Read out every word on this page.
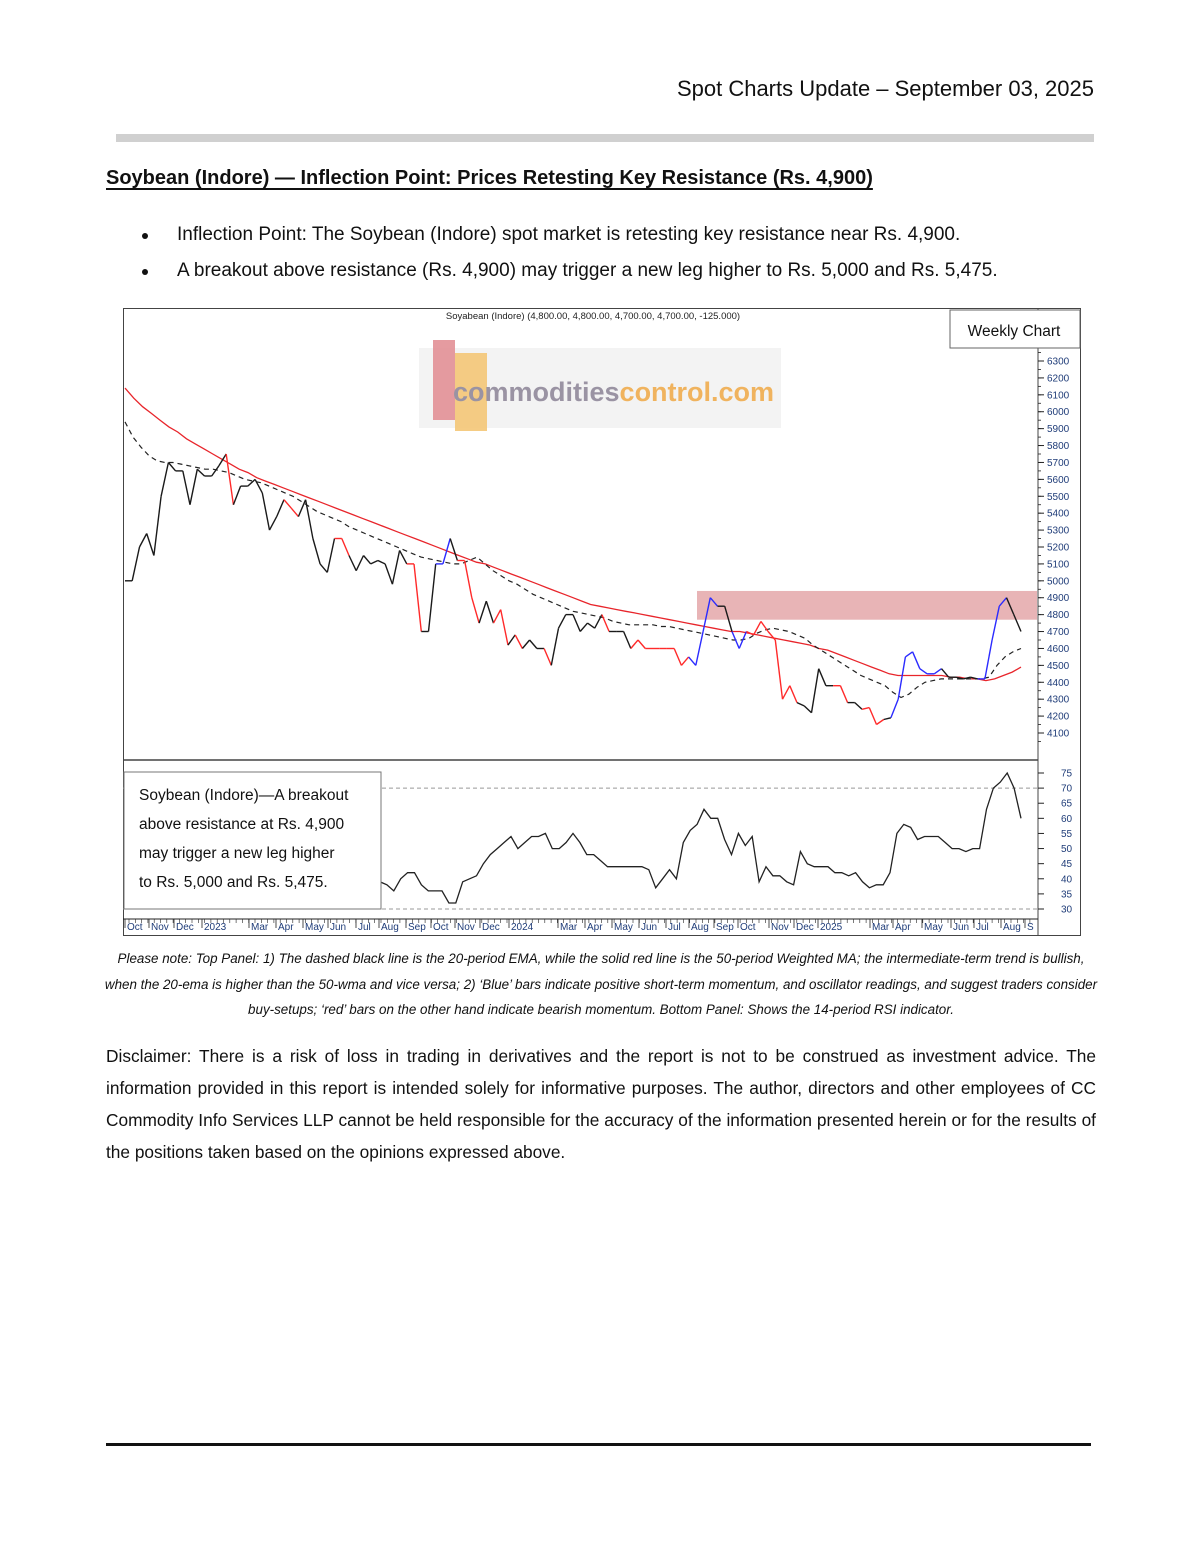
Spot Charts Update – September 03, 2025
Soybean (Indore) — Inflection Point: Prices Retesting Key Resistance (Rs. 4,900)
Inflection Point: The Soybean (Indore) spot market is retesting key resistance near Rs. 4,900.
A breakout above resistance (Rs. 4,900) may trigger a new leg higher to Rs. 5,000 and Rs. 5,475.
commoditiescontrol.com
Soyabean (Indore) (4,800.00, 4,800.00, 4,700.00, 4,700.00, -125.000)
4100
4200
4300
4400
4500
4600
4700
4800
4900
5000
5100
5200
5300
5400
5500
5600
5700
5800
5900
6000
6100
6200
6300
30
35
40
45
50
55
60
65
70
75
Oct Nov Dec 2023 Mar Apr May Jun Jul Aug Sep Oct Nov Dec 2024	Mar Apr May Jun Jul Aug Sep Oct Nov Dec 2025	Mar Apr May Jun Jul Aug S
Weekly Chart
Soybean (Indore)—A breakout
above resistance at Rs. 4,900
may trigger a new leg higher
to Rs. 5,000 and Rs. 5,475.
Please note: Top Panel: 1) The dashed black line is the 20-period EMA, while the solid red line is the 50-period Weighted MA; the intermediate-term trend is bullish, when the 20-ema is higher than the 50-wma and vice versa; 2) ‘Blue’ bars indicate positive short-term momentum, and oscillator readings, and suggest traders consider buy-setups; ‘red’ bars on the other hand indicate bearish momentum. Bottom Panel: Shows the 14-period RSI indicator.
Disclaimer: There is a risk of loss in trading in derivatives and the report is not to be construed as investment advice. The information provided in this report is intended solely for informative purposes. The author, directors and other employees of CC Commodity Info Services LLP cannot be held responsible for the accuracy of the information presented herein or for the results of the positions taken based on the opinions expressed above.
